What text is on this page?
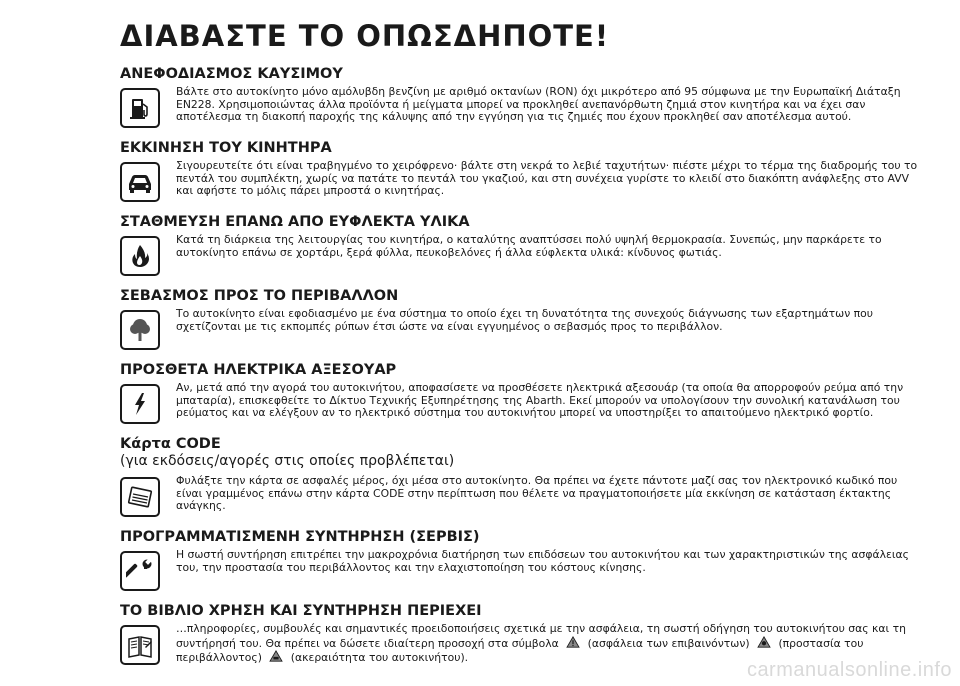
ΔΙΑΒΑΣΤΕ ΤΟ ΟΠΩΣΔΗΠΟΤΕ!
ΑΝΕΦΟΔΙΑΣΜΟΣ ΚΑΥΣΙΜΟΥ
Βάλτε στο αυτοκίνητο μόνο αμόλυβδη βενζίνη με αριθμό οκτανίων (RON) όχι μικρότερο από 95 σύμφωνα με την Ευρωπαϊκή Διάταξη EN228. Χρησιμοποιώντας άλλα προϊόντα ή μείγματα μπορεί να προκληθεί ανεπανόρθωτη ζημιά στον κινητήρα και να έχει σαν αποτέλεσμα τη διακοπή παροχής της κάλυψης από την εγγύηση για τις ζημιές που έχουν προκληθεί σαν αποτέλεσμα αυτού.
ΕΚΚΙΝΗΣΗ ΤΟΥ ΚΙΝΗΤΗΡΑ
Σιγουρευτείτε ότι είναι τραβηγμένο το χειρόφρενο· βάλτε στη νεκρά το λεβιέ ταχυτήτων· πιέστε μέχρι το τέρμα της διαδρομής του το πεντάλ του συμπλέκτη, χωρίς να πατάτε το πεντάλ του γκαζιού, και στη συνέχεια γυρίστε το κλειδί στο διακόπτη ανάφλεξης στο AVV και αφήστε το μόλις πάρει μπροστά ο κινητήρας.
ΣΤΑΘΜΕΥΣΗ ΕΠΑΝΩ ΑΠΟ ΕΥΦΛΕΚΤΑ ΥΛΙΚΑ
Κατά τη διάρκεια της λειτουργίας του κινητήρα, ο καταλύτης αναπτύσσει πολύ υψηλή θερμοκρασία. Συνεπώς, μην παρκάρετε το αυτοκίνητο επάνω σε χορτάρι, ξερά φύλλα, πευκοβελόνες ή άλλα εύφλεκτα υλικά: κίνδυνος φωτιάς.
ΣΕΒΑΣΜΟΣ ΠΡΟΣ ΤΟ ΠΕΡΙΒΑΛΛΟΝ
Το αυτοκίνητο είναι εφοδιασμένο με ένα σύστημα το οποίο έχει τη δυνατότητα της συνεχούς διάγνωσης των εξαρτημάτων που σχετίζονται με τις εκπομπές ρύπων έτσι ώστε να είναι εγγυημένος ο σεβασμός προς το περιβάλλον.
ΠΡΟΣΘΕΤΑ ΗΛΕΚΤΡΙΚΑ ΑΞΕΣΟΥΑΡ
Αν, μετά από την αγορά του αυτοκινήτου, αποφασίσετε να προσθέσετε ηλεκτρικά αξεσουάρ (τα οποία θα απορροφούν ρεύμα από την μπαταρία), επισκεφθείτε το Δίκτυο Τεχνικής Εξυπηρέτησης της Abarth. Εκεί μπορούν να υπολογίσουν την συνολική κατανάλωση του ρεύματος και να ελέγξουν αν το ηλεκτρικό σύστημα του αυτοκινήτου μπορεί να υποστηρίξει το απαιτούμενο ηλεκτρικό φορτίο.
Κάρτα CODE
(για εκδόσεις/αγορές στις οποίες προβλέπεται)
Φυλάξτε την κάρτα σε ασφαλές μέρος, όχι μέσα στο αυτοκίνητο. Θα πρέπει να έχετε πάντοτε μαζί σας τον ηλεκτρονικό κωδικό που είναι γραμμένος επάνω στην κάρτα CODE στην περίπτωση που θέλετε να πραγματοποιήσετε μία εκκίνηση σε κατάσταση έκτακτης ανάγκης.
ΠΡΟΓΡΑΜΜΑΤΙΣΜΕΝΗ ΣΥΝΤΗΡΗΣΗ (ΣΕΡΒΙΣ)
Η σωστή συντήρηση επιτρέπει την μακροχρόνια διατήρηση των επιδόσεων του αυτοκινήτου και των χαρακτηριστικών της ασφάλειας του, την προστασία του περιβάλλοντος και την ελαχιστοποίηση του κόστους κίνησης.
ΤΟ ΒΙΒΛΙΟ ΧΡΗΣΗ ΚΑΙ ΣΥΝΤΗΡΗΣΗ ΠΕΡΙΕΧΕΙ
…πληροφορίες, συμβουλές και σημαντικές προειδοποιήσεις σχετικά με την ασφάλεια, τη σωστή οδήγηση του αυτοκινήτου σας και τη συντήρησή του. Θα πρέπει να δώσετε ιδιαίτερη προσοχή στα σύμβολα	(ασφάλεια των επιβαινόντων)	(προστασία του περιβάλλοντος)	(ακεραιότητα του αυτοκινήτου).
carmanualsonline.info
